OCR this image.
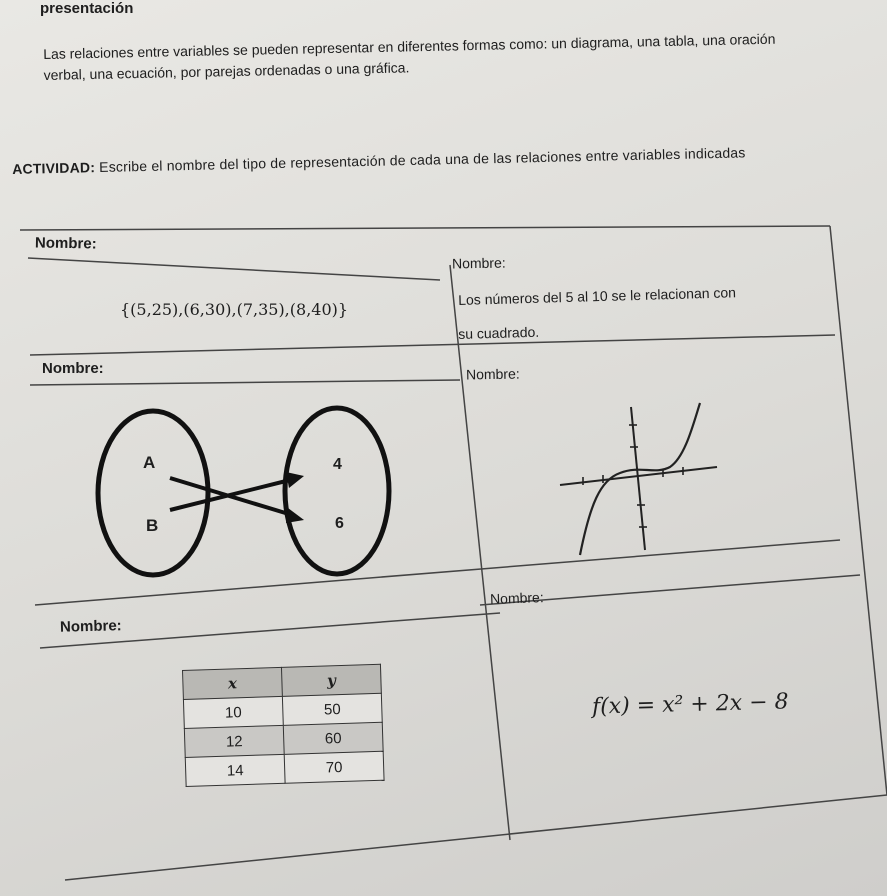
presentación
Las relaciones entre variables se pueden representar en diferentes formas como: un diagrama, una tabla, una oración verbal, una ecuación, por parejas ordenadas o una gráfica.
ACTIVIDAD: Escribe el nombre del tipo de representación de cada una de las relaciones entre variables indicadas
Nombre:
{(5,25),(6,30),(7,35),(8,40)}
Nombre:
Los números del 5 al 10 se le relacionan con
su cuadrado.
Nombre:
A
B
4
6
Nombre:
Nombre:
x	y
10	50
12	60
14	70
Nombre:
f(x) = x² + 2x − 8
